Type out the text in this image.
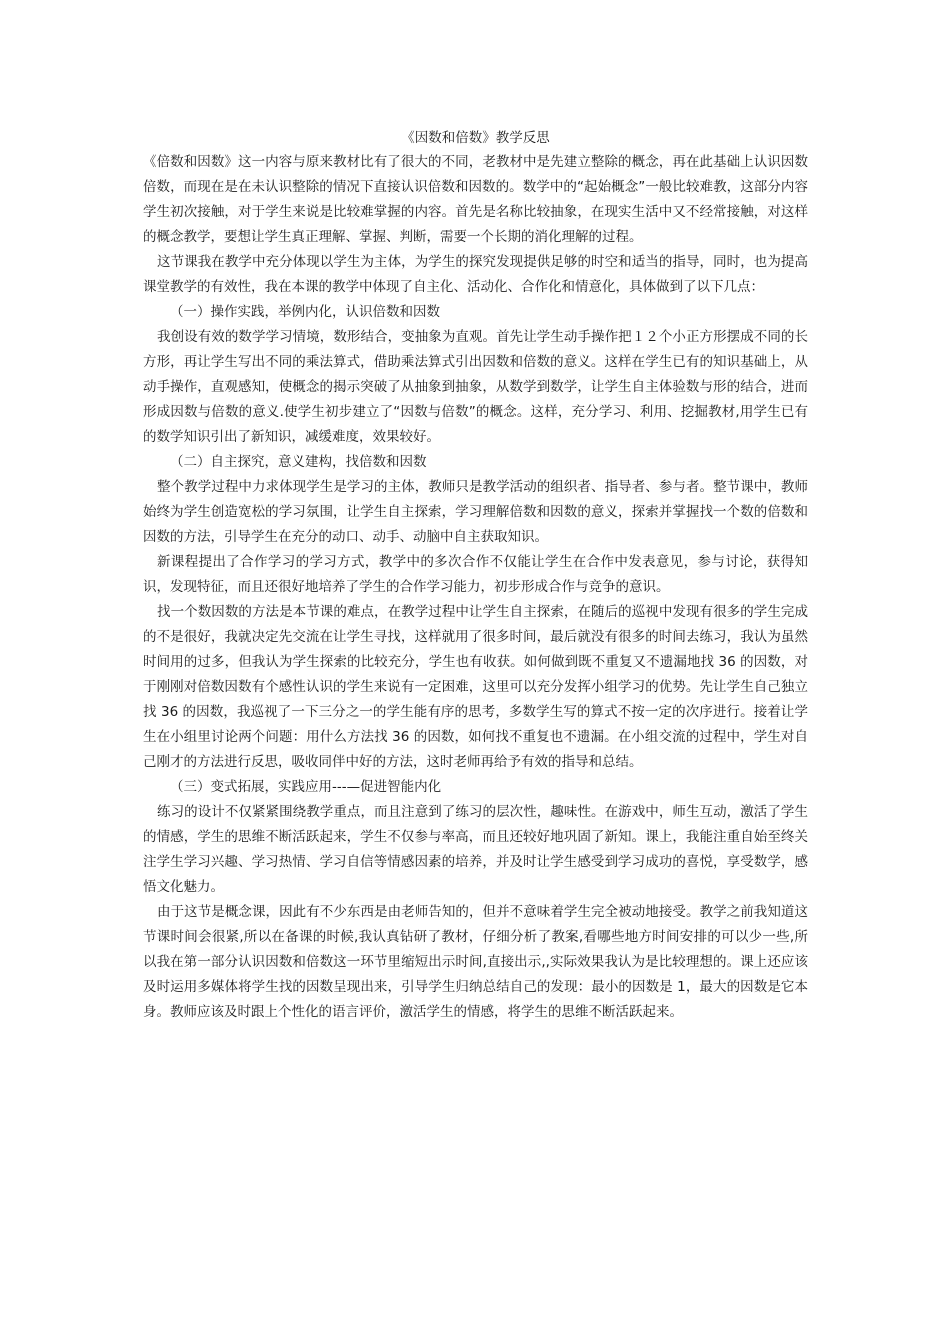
《因数和倍数》教学反思

《倍数和因数》这一内容与原来教材比有了很大的不同，老教材中是先建立整除的概念，再在此基础上认识因数倍数，而现在是在未认识整除的情况下直接认识倍数和因数的。数学中的“起始概念”一般比较难教，这部分内容学生初次接触，对于学生来说是比较难掌握的内容。首先是名称比较抽象，在现实生活中又不经常接触，对这样的概念教学，要想让学生真正理解、掌握、判断，需要一个长期的消化理解的过程。

这节课我在教学中充分体现以学生为主体，为学生的探究发现提供足够的时空和适当的指导，同时，也为提高课堂教学的有效性，我在本课的教学中体现了自主化、活动化、合作化和情意化，具体做到了以下几点：

（一）操作实践，举例内化，认识倍数和因数

我创设有效的数学学习情境，数形结合，变抽象为直观。首先让学生动手操作把１２个小正方形摆成不同的长方形，再让学生写出不同的乘法算式，借助乘法算式引出因数和倍数的意义。这样在学生已有的知识基础上，从动手操作，直观感知，使概念的揭示突破了从抽象到抽象，从数学到数学，让学生自主体验数与形的结合，进而形成因数与倍数的意义.使学生初步建立了“因数与倍数”的概念。这样，充分学习、利用、挖掘教材,用学生已有的数学知识引出了新知识，减缓难度，效果较好。

（二）自主探究，意义建构，找倍数和因数

整个教学过程中力求体现学生是学习的主体，教师只是教学活动的组织者、指导者、参与者。整节课中，教师始终为学生创造宽松的学习氛围，让学生自主探索，学习理解倍数和因数的意义，探索并掌握找一个数的倍数和因数的方法，引导学生在充分的动口、动手、动脑中自主获取知识。

新课程提出了合作学习的学习方式，教学中的多次合作不仅能让学生在合作中发表意见，参与讨论，获得知识，发现特征，而且还很好地培养了学生的合作学习能力，初步形成合作与竞争的意识。

找一个数因数的方法是本节课的难点，在教学过程中让学生自主探索，在随后的巡视中发现有很多的学生完成的不是很好，我就决定先交流在让学生寻找，这样就用了很多时间，最后就没有很多的时间去练习，我认为虽然时间用的过多，但我认为学生探索的比较充分，学生也有收获。如何做到既不重复又不遗漏地找 36 的因数，对于刚刚对倍数因数有个感性认识的学生来说有一定困难，这里可以充分发挥小组学习的优势。先让学生自己独立找 36 的因数，我巡视了一下三分之一的学生能有序的思考，多数学生写的算式不按一定的次序进行。接着让学生在小组里讨论两个问题：用什么方法找 36 的因数，如何找不重复也不遗漏。在小组交流的过程中，学生对自己刚才的方法进行反思，吸收同伴中好的方法，这时老师再给予有效的指导和总结。

（三）变式拓展，实践应用---—促进智能内化

练习的设计不仅紧紧围绕教学重点，而且注意到了练习的层次性，趣味性。在游戏中，师生互动，激活了学生的情感，学生的思维不断活跃起来，学生不仅参与率高，而且还较好地巩固了新知。课上，我能注重自始至终关注学生学习兴趣、学习热情、学习自信等情感因素的培养，并及时让学生感受到学习成功的喜悦，享受数学，感悟文化魅力。

由于这节是概念课，因此有不少东西是由老师告知的，但并不意味着学生完全被动地接受。教学之前我知道这节课时间会很紧,所以在备课的时候,我认真钻研了教材，仔细分析了教案,看哪些地方时间安排的可以少一些,所以我在第一部分认识因数和倍数这一环节里缩短出示时间,直接出示,,实际效果我认为是比较理想的。课上还应该及时运用多媒体将学生找的因数呈现出来，引导学生归纳总结自己的发现：最小的因数是 1，最大的因数是它本身。教师应该及时跟上个性化的语言评价，激活学生的情感，将学生的思维不断活跃起来。
